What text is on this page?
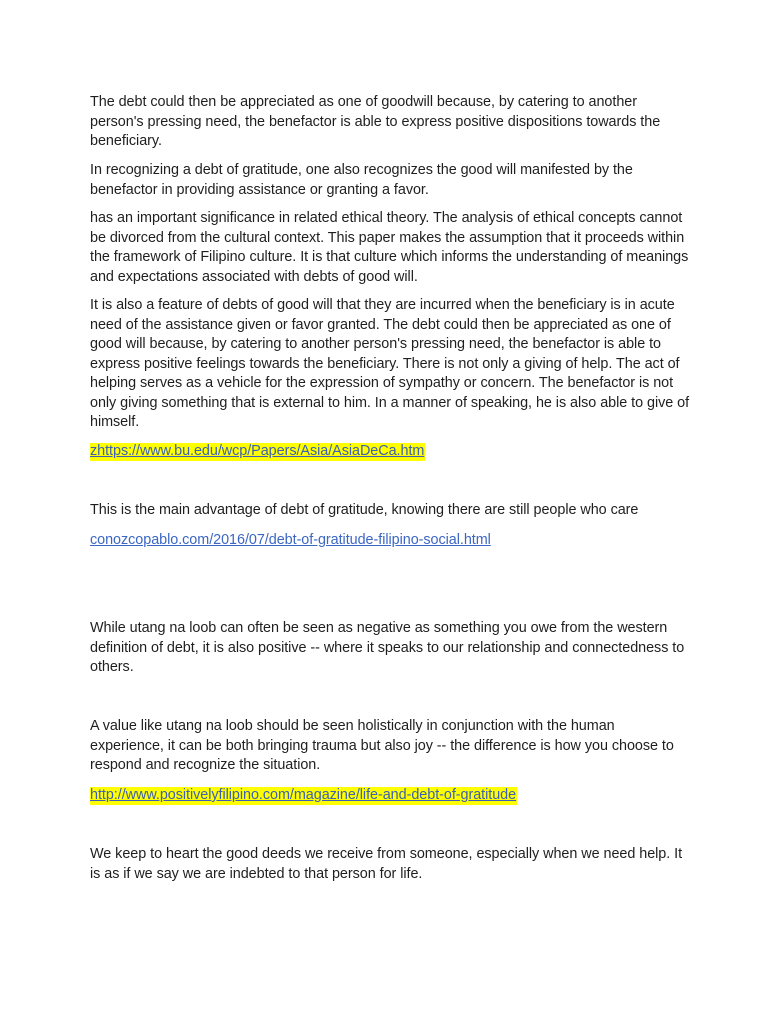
The debt could then be appreciated as one of goodwill because, by catering to another person's pressing need, the benefactor is able to express positive dispositions towards the beneficiary.

In recognizing a debt of gratitude, one also recognizes the good will manifested by the benefactor in providing assistance or granting a favor.

has an important significance in related ethical theory. The analysis of ethical concepts cannot be divorced from the cultural context. This paper makes the assumption that it proceeds within the framework of Filipino culture. It is that culture which informs the understanding of meanings and expectations associated with debts of good will.

It is also a feature of debts of good will that they are incurred when the beneficiary is in acute need of the assistance given or favor granted. The debt could then be appreciated as one of good will because, by catering to another person's pressing need, the benefactor is able to express positive feelings towards the beneficiary. There is not only a giving of help. The act of helping serves as a vehicle for the expression of sympathy or concern. The benefactor is not only giving something that is external to him. In a manner of speaking, he is also able to give of himself.

zhttps://www.bu.edu/wcp/Papers/Asia/AsiaDeCa.htm

This is the main advantage of debt of gratitude, knowing there are still people who care

conozcopablo.com/2016/07/debt-of-gratitude-filipino-social.html

While utang na loob can often be seen as negative as something you owe from the western definition of debt, it is also positive -- where it speaks to our relationship and connectedness to others.

A value like utang na loob should be seen holistically in conjunction with the human experience, it can be both bringing trauma but also joy -- the difference is how you choose to respond and recognize the situation.

http://www.positivelyfilipino.com/magazine/life-and-debt-of-gratitude

We keep to heart the good deeds we receive from someone, especially when we need help. It is as if we say we are indebted to that person for life.
